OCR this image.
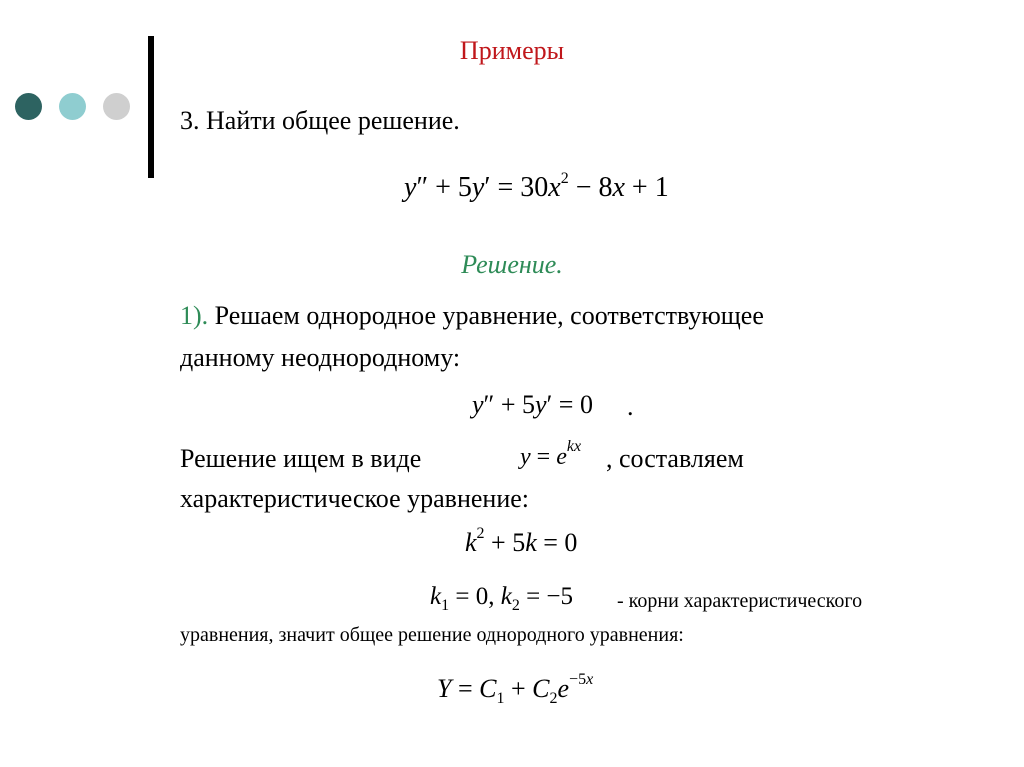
Примеры
3. Найти общее решение.
$y'' + 5y' = 30x^2 - 8x + 1$
Решение.
1). Решаем однородное уравнение, соответствующее
данному неоднородному:
y″ + 5y′ = 0 .
Решение ищем в виде	$y = e^{kx}$ , составляем
характеристическое уравнение:
$k^2 + 5k = 0$
$k_1 = 0$, $k_2 = -5$ - корни характеристического
уравнения, значит общее решение однородного уравнения:
$Y = C_1 + C_2e^{-5x}$
